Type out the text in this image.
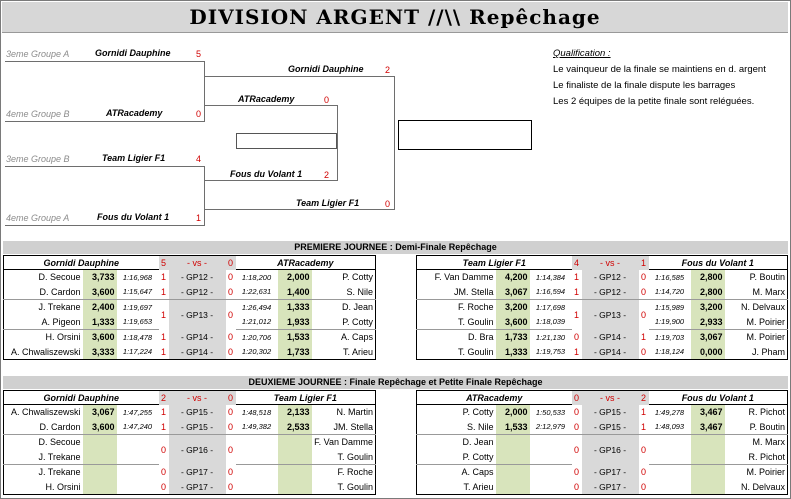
DIVISION ARGENT //\\ Repêchage
3eme Groupe A	Gornidi Dauphine	5
4eme Groupe B	ATRacademy	0
3eme Groupe B	Team Ligier F1	4
4eme Groupe A	Fous du Volant 1	1
Gornidi Dauphine 2
ATRacademy	0
Fous du Volant 1 2
Team Ligier F1	0
Qualification :
Le vainqueur de la finale se maintiens en d. argent
Le finaliste de la finale dispute les barrages
Les 2 équipes de la petite finale sont reléguées.
PREMIERE JOURNEE : Demi-Finale Repêchage
Gornidi Dauphine			5	- vs -	0	ATRacademy		
D. Secoue	3,733	1:16,968	1	- GP12 -	0	1:18,200	2,000	P. Cotty
D. Cardon	3,600	1:15,647	1	- GP12 -	0	1:22,631	1,400	S. Nile
J. Trekane	2,400	1:19,697	1	- GP13 -	0	1:26,494	1,333	D. Jean
A. Pigeon	1,333	1:19,653				1:21,012	1,933	P. Cotty
H. Orsini	3,600	1:18,478	1	- GP14 -	0	1:20,706	1,533	A. Caps
A. Chwaliszewski	3,333	1:17,224	1	- GP14 -	0	1:20,302	1,733	T. Arieu
Team Ligier F1			4	- vs -	1	Fous du Volant 1		
F. Van Damme	4,200	1:14,384	1	- GP12 -	0	1:16,585	2,800	P. Boutin
JM. Stella	3,067	1:16,594	1	- GP12 -	0	1:14,720	2,800	M. Marx
F. Roche	3,200	1:17,698	1	- GP13 -	0	1:15,989	3,200	N. Delvaux
T. Goulin	3,600	1:18,039				1:19,900	2,933	M. Poirier
D. Bra	1,733	1:21,130	0	- GP14 -	1	1:19,703	3,067	M. Poirier
T. Goulin	1,333	1:19,753	1	- GP14 -	0	1:18,124	0,000	J. Pham
DEUXIEME JOURNEE : Finale Repêchage et Petite Finale Repêchage
Gornidi Dauphine			2	- vs -	0	Team Ligier F1		
A. Chwaliszewski	3,067	1:47,255	1	- GP15 -	0	1:48,518	2,133	N. Martin
D. Cardon	3,600	1:47,240	1	- GP15 -	0	1:49,382	2,533	JM. Stella
D. Secoue			0	- GP16 -	0			F. Van Damme
J. Trekane								T. Goulin
J. Trekane			0	- GP17 -	0			F. Roche
H. Orsini			0	- GP17 -	0			T. Goulin
ATRacademy			0	- vs -	2	Fous du Volant 1		
P. Cotty	2,000	1:50,533	0	- GP15 -	1	1:49,278	3,467	R. Pichot
S. Nile	1,533	2:12,979	0	- GP15 -	1	1:48,093	3,467	P. Boutin
D. Jean			0	- GP16 -	0			M. Marx
P. Cotty								R. Pichot
A. Caps			0	- GP17 -	0			M. Poirier
T. Arieu			0	- GP17 -	0			N. Delvaux
